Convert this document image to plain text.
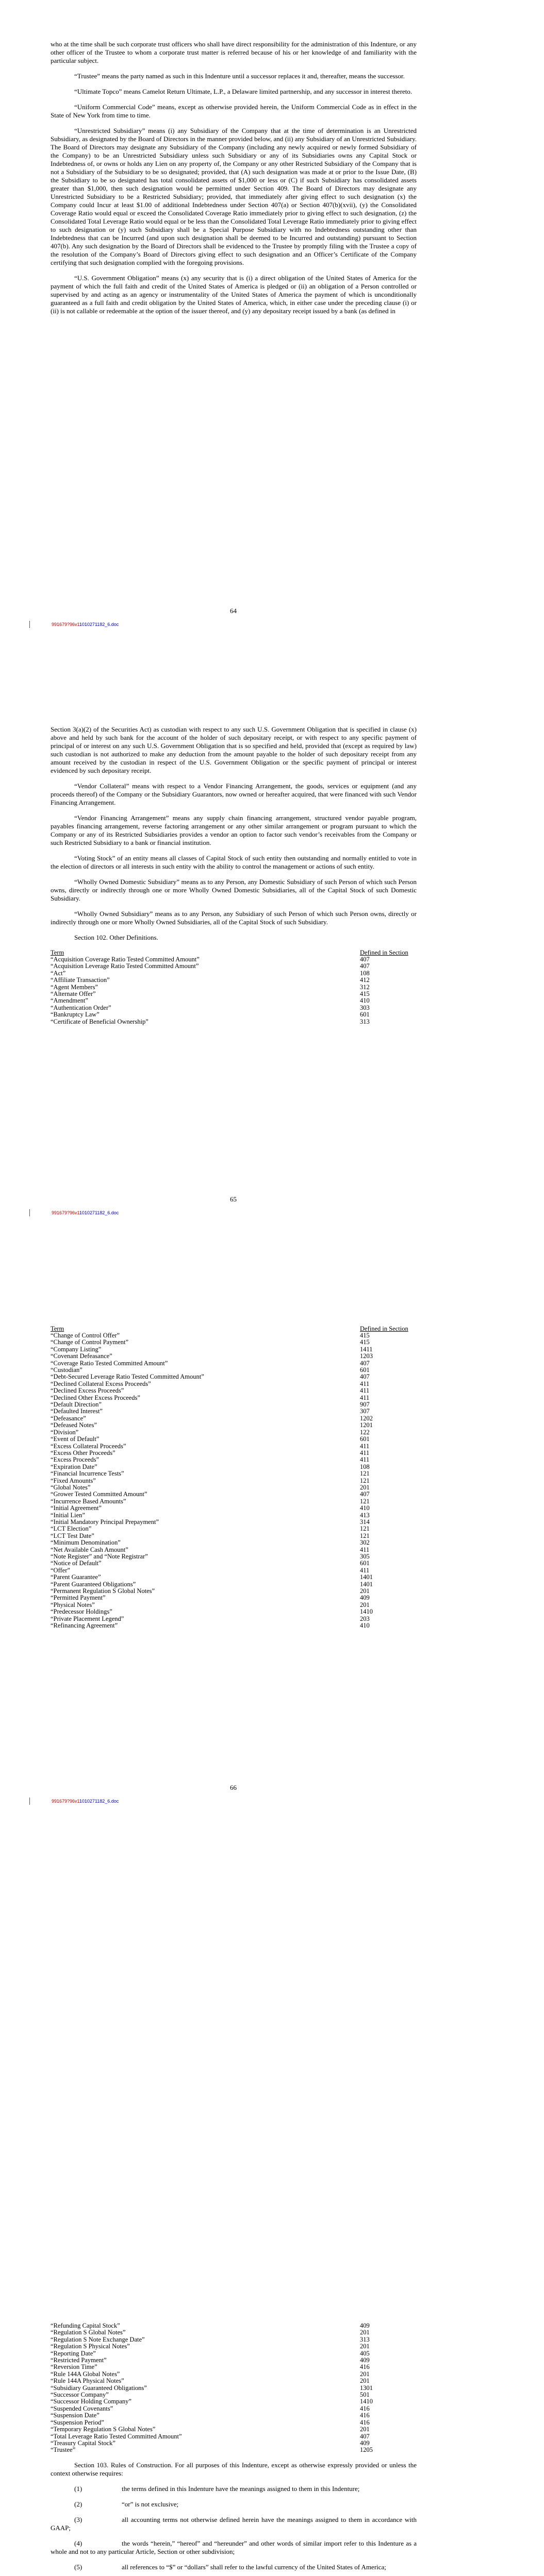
who at the time shall be such corporate trust officers who shall have direct responsibility for the administration of this Indenture, or any other officer of the Trustee to whom a corporate trust matter is referred because of his or her knowledge of and familiarity with the particular subject.

“Trustee” means the party named as such in this Indenture until a successor replaces it and, thereafter, means the successor.

“Ultimate Topco” means Camelot Return Ultimate, L.P., a Delaware limited partnership, and any successor in interest thereto.

“Uniform Commercial Code” means, except as otherwise provided herein, the Uniform Commercial Code as in effect in the State of New York from time to time.

“Unrestricted Subsidiary” means (i) any Subsidiary of the Company that at the time of determination is an Unrestricted Subsidiary, as designated by the Board of Directors in the manner provided below, and (ii) any Subsidiary of an Unrestricted Subsidiary. The Board of Directors may designate any Subsidiary of the Company (including any newly acquired or newly formed Subsidiary of the Company) to be an Unrestricted Subsidiary unless such Subsidiary or any of its Subsidiaries owns any Capital Stock or Indebtedness of, or owns or holds any Lien on any property of, the Company or any other Restricted Subsidiary of the Company that is not a Subsidiary of the Subsidiary to be so designated; provided, that (A) such designation was made at or prior to the Issue Date, (B) the Subsidiary to be so designated has total consolidated assets of $1,000 or less or (C) if such Subsidiary has consolidated assets greater than $1,000, then such designation would be permitted under Section 409. The Board of Directors may designate any Unrestricted Subsidiary to be a Restricted Subsidiary; provided, that immediately after giving effect to such designation (x) the Company could Incur at least $1.00 of additional Indebtedness under Section 407(a) or Section 407(b)(xvii), (y) the Consolidated Coverage Ratio would equal or exceed the Consolidated Coverage Ratio immediately prior to giving effect to such designation, (z) the Consolidated Total Leverage Ratio would equal or be less than the Consolidated Total Leverage Ratio immediately prior to giving effect to such designation or (y) such Subsidiary shall be a Special Purpose Subsidiary with no Indebtedness outstanding other than Indebtedness that can be Incurred (and upon such designation shall be deemed to be Incurred and outstanding) pursuant to Section 407(b). Any such designation by the Board of Directors shall be evidenced to the Trustee by promptly filing with the Trustee a copy of the resolution of the Company’s Board of Directors giving effect to such designation and an Officer’s Certificate of the Company certifying that such designation complied with the foregoing provisions.

“U.S. Government Obligation” means (x) any security that is (i) a direct obligation of the United States of America for the payment of which the full faith and credit of the United States of America is pledged or (ii) an obligation of a Person controlled or supervised by and acting as an agency or instrumentality of the United States of America the payment of which is unconditionally guaranteed as a full faith and credit obligation by the United States of America, which, in either case under the preceding clause (i) or (ii) is not callable or redeemable at the option of the issuer thereof, and (y) any depositary receipt issued by a bank (as defined in

64
991679?96v11010271182_6.doc

Section 3(a)(2) of the Securities Act) as custodian with respect to any such U.S. Government Obligation that is specified in clause (x) above and held by such bank for the account of the holder of such depositary receipt, or with respect to any specific payment of principal of or interest on any such U.S. Government Obligation that is so specified and held, provided that (except as required by law) such custodian is not authorized to make any deduction from the amount payable to the holder of such depositary receipt from any amount received by the custodian in respect of the U.S. Government Obligation or the specific payment of principal or interest evidenced by such depositary receipt.

“Vendor Collateral” means with respect to a Vendor Financing Arrangement, the goods, services or equipment (and any proceeds thereof) of the Company or the Subsidiary Guarantors, now owned or hereafter acquired, that were financed with such Vendor Financing Arrangement.

“Vendor Financing Arrangement” means any supply chain financing arrangement, structured vendor payable program, payables financing arrangement, reverse factoring arrangement or any other similar arrangement or program pursuant to which the Company or any of its Restricted Subsidiaries provides a vendor an option to factor such vendor’s receivables from the Company or such Restricted Subsidiary to a bank or financial institution.

“Voting Stock” of an entity means all classes of Capital Stock of such entity then outstanding and normally entitled to vote in the election of directors or all interests in such entity with the ability to control the management or actions of such entity.

“Wholly Owned Domestic Subsidiary” means as to any Person, any Domestic Subsidiary of such Person of which such Person owns, directly or indirectly through one or more Wholly Owned Domestic Subsidiaries, all of the Capital Stock of such Domestic Subsidiary.

“Wholly Owned Subsidiary” means as to any Person, any Subsidiary of such Person of which such Person owns, directly or indirectly through one or more Wholly Owned Subsidiaries, all of the Capital Stock of such Subsidiary.

Section 102. Other Definitions.

Term	Defined in Section
“Acquisition Coverage Ratio Tested Committed Amount”	407
“Acquisition Leverage Ratio Tested Committed Amount”	407
“Act”	108
“Affiliate Transaction”	412
“Agent Members”	312
“Alternate Offer”	415
“Amendment”	410
“Authentication Order”	303
“Bankruptcy Law”	601
“Certificate of Beneficial Ownership”	313
65
991679?96v11010271182_6.doc
Term	Defined in Section
“Change of Control Offer”	415
“Change of Control Payment”	415
“Company Listing”	1411
“Covenant Defeasance”	1203
“Coverage Ratio Tested Committed Amount”	407
“Custodian”	601
“Debt-Secured Leverage Ratio Tested Committed Amount”	407
“Declined Collateral Excess Proceeds”	411
“Declined Excess Proceeds”	411
“Declined Other Excess Proceeds”	411
“Default Direction”	907
“Defaulted Interest”	307
“Defeasance”	1202
“Defeased Notes”	1201
“Division”	122
“Event of Default”	601
“Excess Collateral Proceeds”	411
“Excess Other Proceeds”	411
“Excess Proceeds”	411
“Expiration Date”	108
“Financial Incurrence Tests”	121
“Fixed Amounts”	121
“Global Notes”	201
“Grower Tested Committed Amount”	407
“Incurrence Based Amounts”	121
“Initial Agreement”	410
“Initial Lien”	413
“Initial Mandatory Principal Prepayment”	314
“LCT Election”	121
“LCT Test Date”	121
“Minimum Denomination”	302
“Net Available Cash Amount”	411
“Note Register” and “Note Registrar”	305
“Notice of Default”	601
“Offer”	411
“Parent Guarantee”	1401
“Parent Guaranteed Obligations”	1401
“Permanent Regulation S Global Notes”	201
“Permitted Payment”	409
“Physical Notes”	201
“Predecessor Holdings”	1410
“Private Placement Legend”	203
“Refinancing Agreement”	410
66
991679?96v11010271182_6.doc
“Refunding Capital Stock”	409
“Regulation S Global Notes”	201
“Regulation S Note Exchange Date”	313
“Regulation S Physical Notes”	201
“Reporting Date”	405
“Restricted Payment”	409
“Reversion Time”	416
“Rule 144A Global Notes”	201
“Rule 144A Physical Notes”	201
“Subsidiary Guaranteed Obligations”	1301
“Successor Company”	501
“Successor Holding Company”	1410
“Suspended Covenants”	416
“Suspension Date”	416
“Suspension Period”	416
“Temporary Regulation S Global Notes”	201
“Total Leverage Ratio Tested Committed Amount”	407
“Treasury Capital Stock”	409
“Trustee”	1205

Section 103. Rules of Construction. For all purposes of this Indenture, except as otherwise expressly provided or unless the context otherwise requires:

(1)	the terms defined in this Indenture have the meanings assigned to them in this Indenture;

(2)	“or” is not exclusive;

(3)	all accounting terms not otherwise defined herein have the meanings assigned to them in accordance with GAAP;

(4)	the words “herein,” “hereof” and “hereunder” and other words of similar import refer to this Indenture as a whole and not to any particular Article, Section or other subdivision;

(5)	all references to “$” or “dollars” shall refer to the lawful currency of the United States of America;
